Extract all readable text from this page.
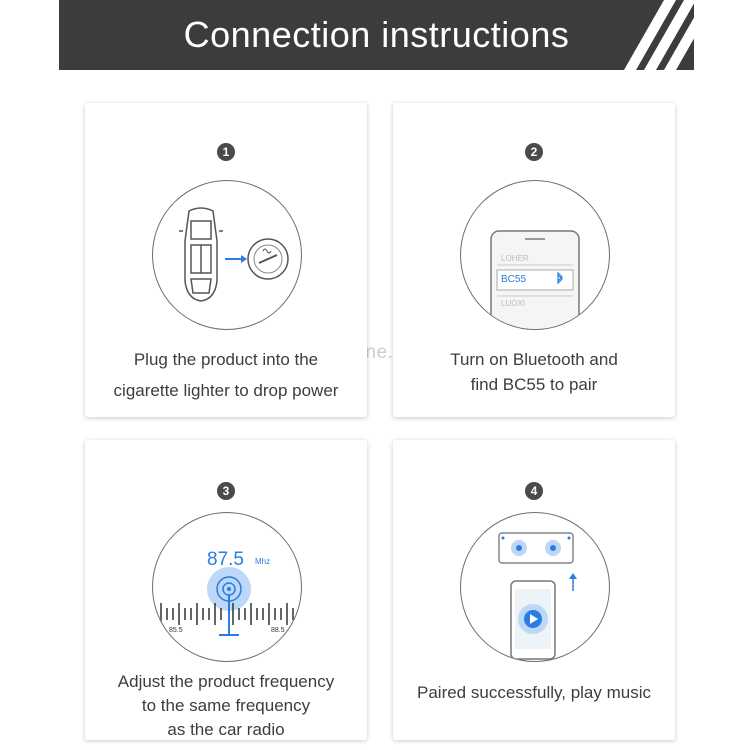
Connection instructions
1
Plug the product into the
cigarette lighter to drop power
2
LOHER
BC55
LUOXI
Turn on Bluetooth and
find BC55 to pair
3
87.5 Mhz
85.5	88.5
Adjust the product frequency
to the same frequency
as the car radio
4
Paired successfully, play music
